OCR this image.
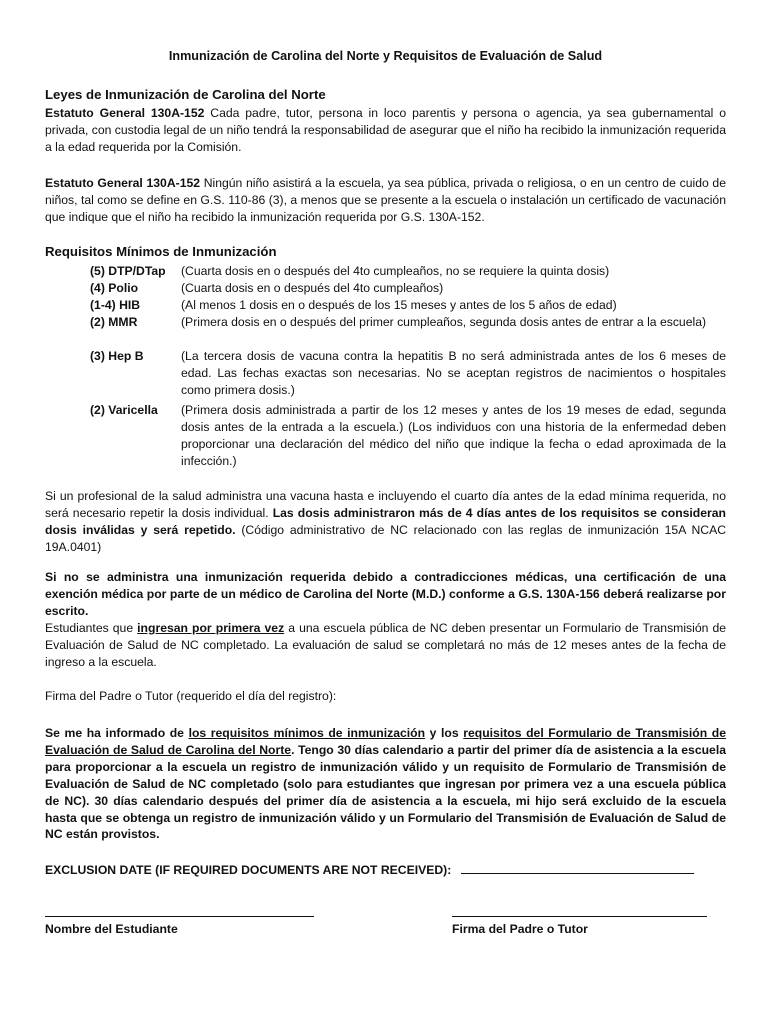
Inmunización de Carolina del Norte y Requisitos de Evaluación de Salud

Leyes de Inmunización de Carolina del Norte

Estatuto General 130A-152 Cada padre, tutor, persona in loco parentis y persona o agencia, ya sea gubernamental o privada, con custodia legal de un niño tendrá la responsabilidad de asegurar que el niño ha recibido la inmunización requerida a la edad requerida por la Comisión.

Estatuto General 130A-152 Ningún niño asistirá a la escuela, ya sea pública, privada o religiosa, o en un centro de cuido de niños, tal como se define en G.S. 110-86 (3), a menos que se presente a la escuela o instalación un certificado de vacunación que indique que el niño ha recibido la inmunización requerida por G.S. 130A-152.

Requisitos Mínimos de Inmunización

(5) DTP/DTap	(Cuarta dosis en o después del 4to cumpleaños, no se requiere la quinta dosis)
(4) Polio	(Cuarta dosis en o después del 4to cumpleaños)
(1-4) HIB	(Al menos 1 dosis en o después de los 15 meses y antes de los 5 años de edad)
(2) MMR	(Primera dosis en o después del primer cumpleaños, segunda dosis antes de entrar a la escuela)
(3) Hep B	(La tercera dosis de vacuna contra la hepatitis B no será administrada antes de los 6 meses de edad. Las fechas exactas son necesarias. No se aceptan registros de nacimientos o hospitales como primera dosis.)
(2) Varicella	(Primera dosis administrada a partir de los 12 meses y antes de los 19 meses de edad, segunda dosis antes de la entrada a la escuela.) (Los individuos con una historia de la enfermedad deben proporcionar una declaración del médico del niño que indique la fecha o edad aproximada de la infección.)

Si un profesional de la salud administra una vacuna hasta e incluyendo el cuarto día antes de la edad mínima requerida, no será necesario repetir la dosis individual. Las dosis administraron más de 4 días antes de los requisitos se consideran dosis inválidas y será repetido. (Código administrativo de NC relacionado con las reglas de inmunización 15A NCAC 19A.0401)

Si no se administra una inmunización requerida debido a contradicciones médicas, una certificación de una exención médica por parte de un médico de Carolina del Norte (M.D.) conforme a G.S. 130A-156 deberá realizarse por escrito.

Estudiantes que ingresan por primera vez a una escuela pública de NC deben presentar un Formulario de Transmisión de Evaluación de Salud de NC completado. La evaluación de salud se completará no más de 12 meses antes de la fecha de ingreso a la escuela.

Firma del Padre o Tutor (requerido el día del registro):

Se me ha informado de los requisitos mínimos de inmunización y los requisitos del Formulario de Transmisión de Evaluación de Salud de Carolina del Norte. Tengo 30 días calendario a partir del primer día de asistencia a la escuela para proporcionar a la escuela un registro de inmunización válido y un requisito de Formulario de Transmisión de Evaluación de Salud de NC completado (solo para estudiantes que ingresan por primera vez a una escuela pública de NC). 30 días calendario después del primer día de asistencia a la escuela, mi hijo será excluido de la escuela hasta que se obtenga un registro de inmunización válido y un Formulario del Transmisión de Evaluación de Salud de NC están provistos.

EXCLUSION DATE (IF REQUIRED DOCUMENTS ARE NOT RECEIVED):
Nombre del Estudiante	Firma del Padre o Tutor
